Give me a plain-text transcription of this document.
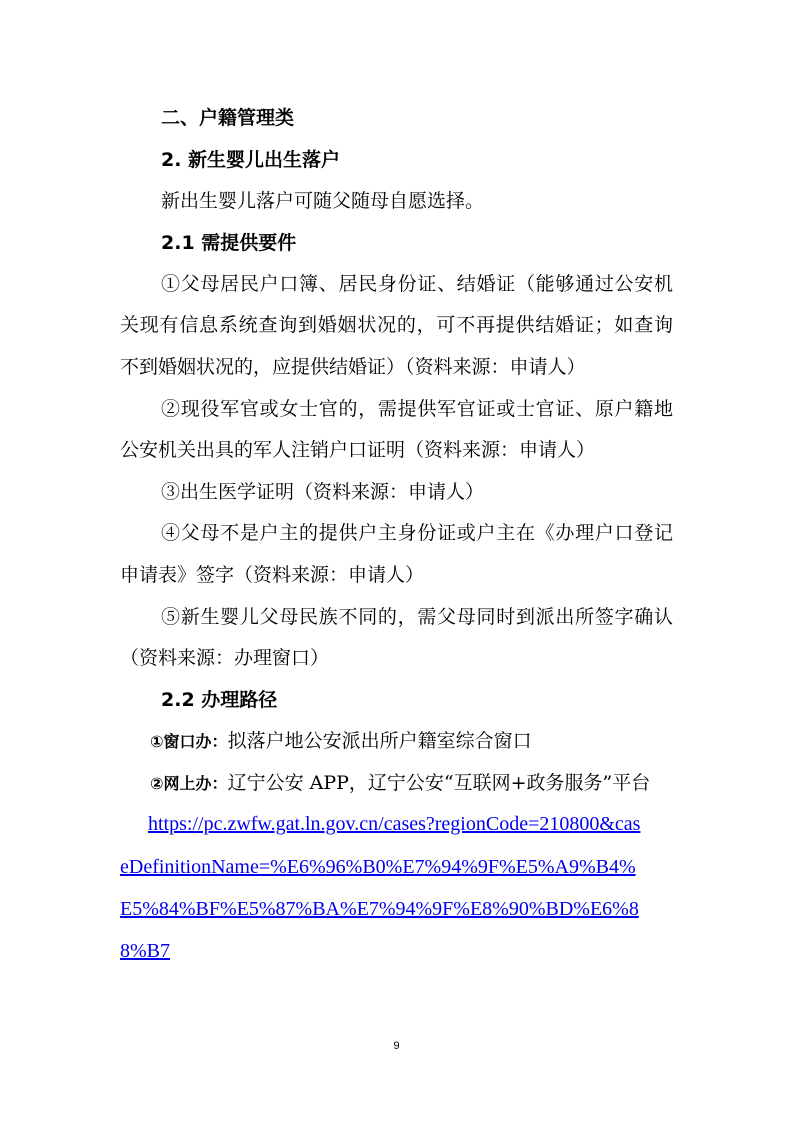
二、户籍管理类
2. 新生婴儿出生落户
新出生婴儿落户可随父随母自愿选择。
2.1 需提供要件
①父母居民户口簿、居民身份证、结婚证（能够通过公安机
关现有信息系统查询到婚姻状况的，可不再提供结婚证；如查询
不到婚姻状况的，应提供结婚证）（资料来源：申请人）
②现役军官或女士官的，需提供军官证或士官证、原户籍地
公安机关出具的军人注销户口证明（资料来源：申请人）
③出生医学证明（资料来源：申请人）
④父母不是户主的提供户主身份证或户主在《办理户口登记
申请表》签字（资料来源：申请人）
⑤新生婴儿父母民族不同的，需父母同时到派出所签字确认
（资料来源：办理窗口）
2.2 办理路径
①窗口办：拟落户地公安派出所户籍室综合窗口
②网上办：辽宁公安 APP，辽宁公安“互联网+政务服务”平台
https://pc.zwfw.gat.ln.gov.cn/cases?regionCode=210800&cas
eDefinitionName=%E6%96%B0%E7%94%9F%E5%A9%B4%
E5%84%BF%E5%87%BA%E7%94%9F%E8%90%BD%E6%8
8%B7
9
